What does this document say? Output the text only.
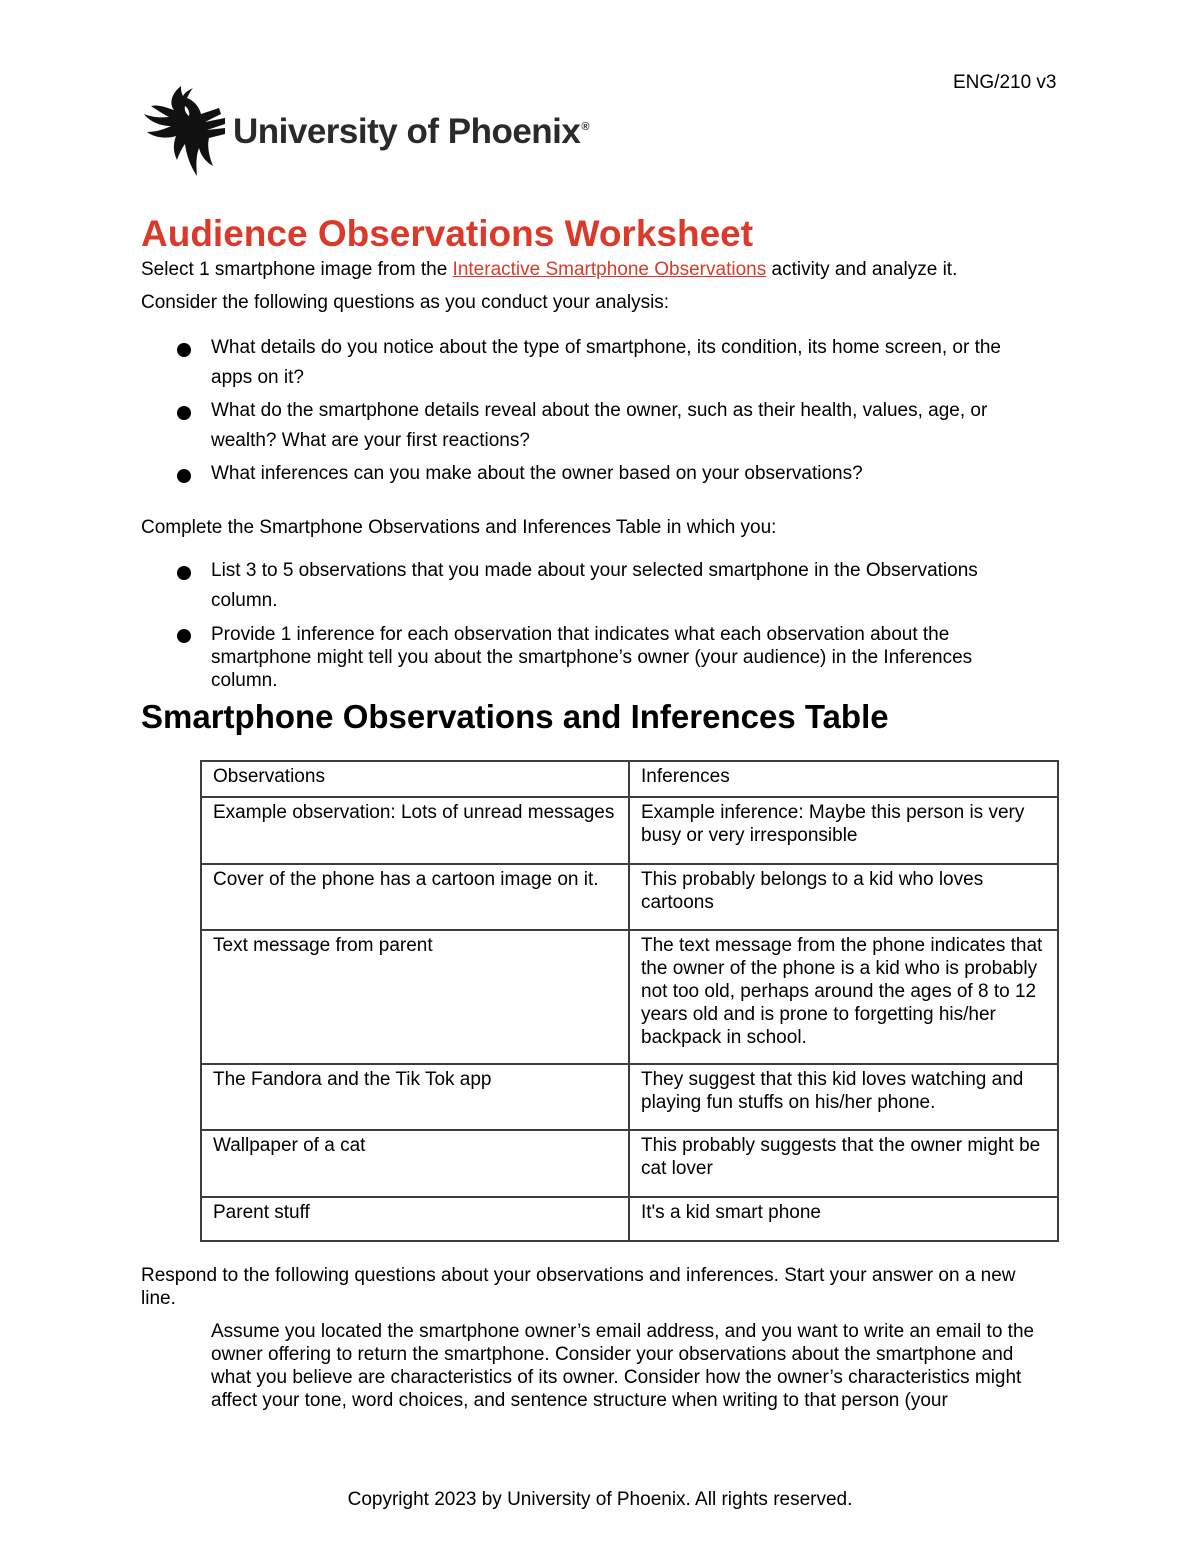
ENG/210 v3
University of Phoenix®
Audience Observations Worksheet
Select 1 smartphone image from the Interactive Smartphone Observations activity and analyze it.
Consider the following questions as you conduct your analysis:
What details do you notice about the type of smartphone, its condition, its home screen, or the apps on it?
What do the smartphone details reveal about the owner, such as their health, values, age, or wealth? What are your first reactions?
What inferences can you make about the owner based on your observations?
Complete the Smartphone Observations and Inferences Table in which you:
List 3 to 5 observations that you made about your selected smartphone in the Observations column.
Provide 1 inference for each observation that indicates what each observation about the smartphone might tell you about the smartphone’s owner (your audience) in the Inferences column.
Smartphone Observations and Inferences Table
Observations	Inferences
Example observation: Lots of unread messages	Example inference: Maybe this person is very busy or very irresponsible
Cover of the phone has a cartoon image on it.	This probably belongs to a kid who loves cartoons
Text message from parent	The text message from the phone indicates that the owner of the phone is a kid who is probably not too old, perhaps around the ages of 8 to 12 years old and is prone to forgetting his/her backpack in school.
The Fandora and the Tik Tok app	They suggest that this kid loves watching and playing fun stuffs on his/her phone.
Wallpaper of a cat	This probably suggests that the owner might be cat lover
Parent stuff	It's a kid smart phone
Respond to the following questions about your observations and inferences. Start your answer on a new line.
Assume you located the smartphone owner’s email address, and you want to write an email to the owner offering to return the smartphone. Consider your observations about the smartphone and what you believe are characteristics of its owner. Consider how the owner’s characteristics might affect your tone, word choices, and sentence structure when writing to that person (your
Copyright 2023 by University of Phoenix. All rights reserved.
